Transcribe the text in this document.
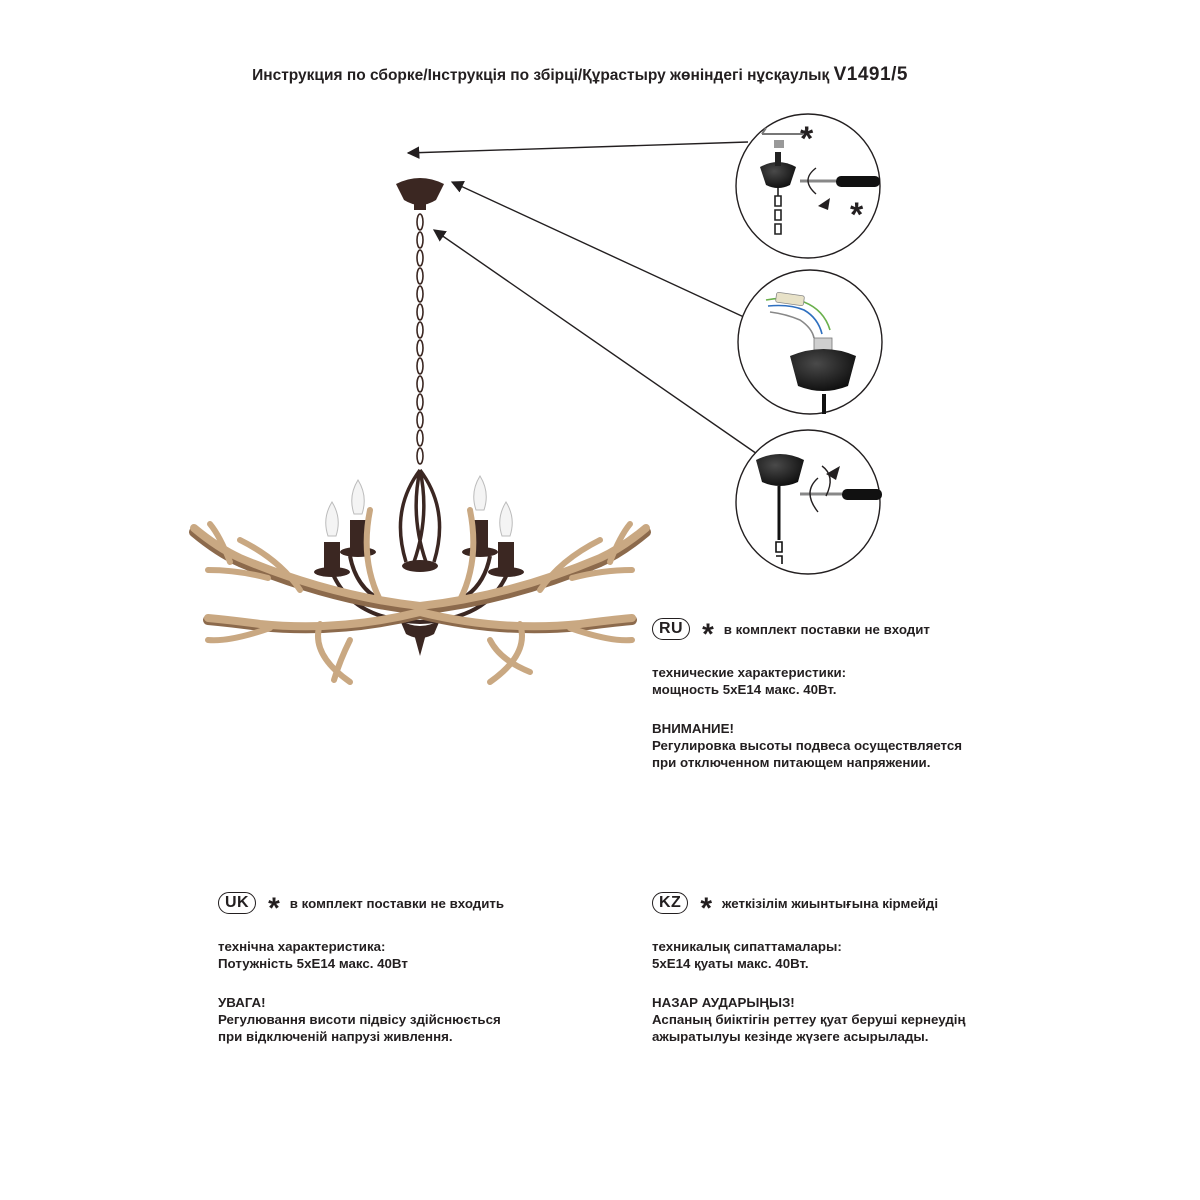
Инструкция по сборке/Інструкція по збірці/Құрастыру жөніндегі нұсқаулық V1491/5
*
*
RU * в комплект поставки не входит
технические характеристики:
мощность 5хE14 макс. 40Вт.
ВНИМАНИЕ!
Регулировка высоты подвеса осуществляется
при отключенном питающем напряжении.
UK * в комплект поставки не входить
технічна характеристика:
Потужність 5хE14 макс. 40Вт
УВАГА!
Регулювання висоти підвісу здійснюється
при відключеній напрузі живлення.
KZ * жеткізілім жиынтығына кірмейді
техникалық сипаттамалары:
5хE14 қуаты макс. 40Вт.
НАЗАР АУДАРЫҢЫЗ!
Аспаның биіктігін реттеу қуат беруші кернеудің
ажыратылуы кезінде жүзеге асырылады.
